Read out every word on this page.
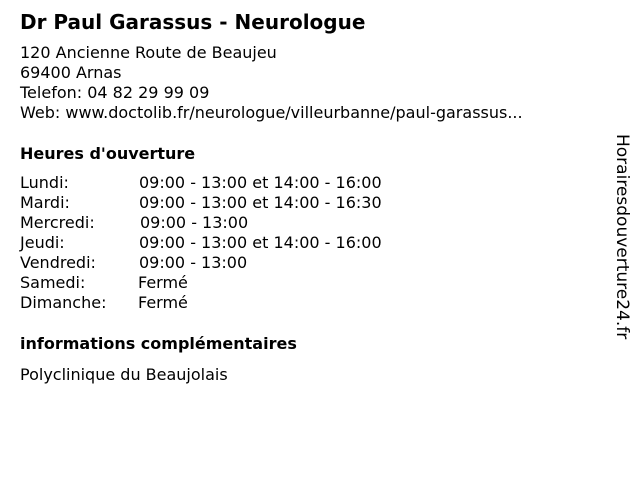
Dr Paul Garassus - Neurologue
120 Ancienne Route de Beaujeu
69400 Arnas
Telefon: 04 82 29 99 09
Web: www.doctolib.fr/neurologue/villeurbanne/paul-garassus...
Heures d'ouverture
Lundi:	09:00 - 13:00 et 14:00 - 16:00
Mardi:	09:00 - 13:00 et 14:00 - 16:30
Mercredi:	09:00 - 13:00
Jeudi:	09:00 - 13:00 et 14:00 - 16:00
Vendredi:	09:00 - 13:00
Samedi:	Fermé
Dimanche: Fermé
informations complémentaires
Polyclinique du Beaujolais
Horairesdouverture24.fr
